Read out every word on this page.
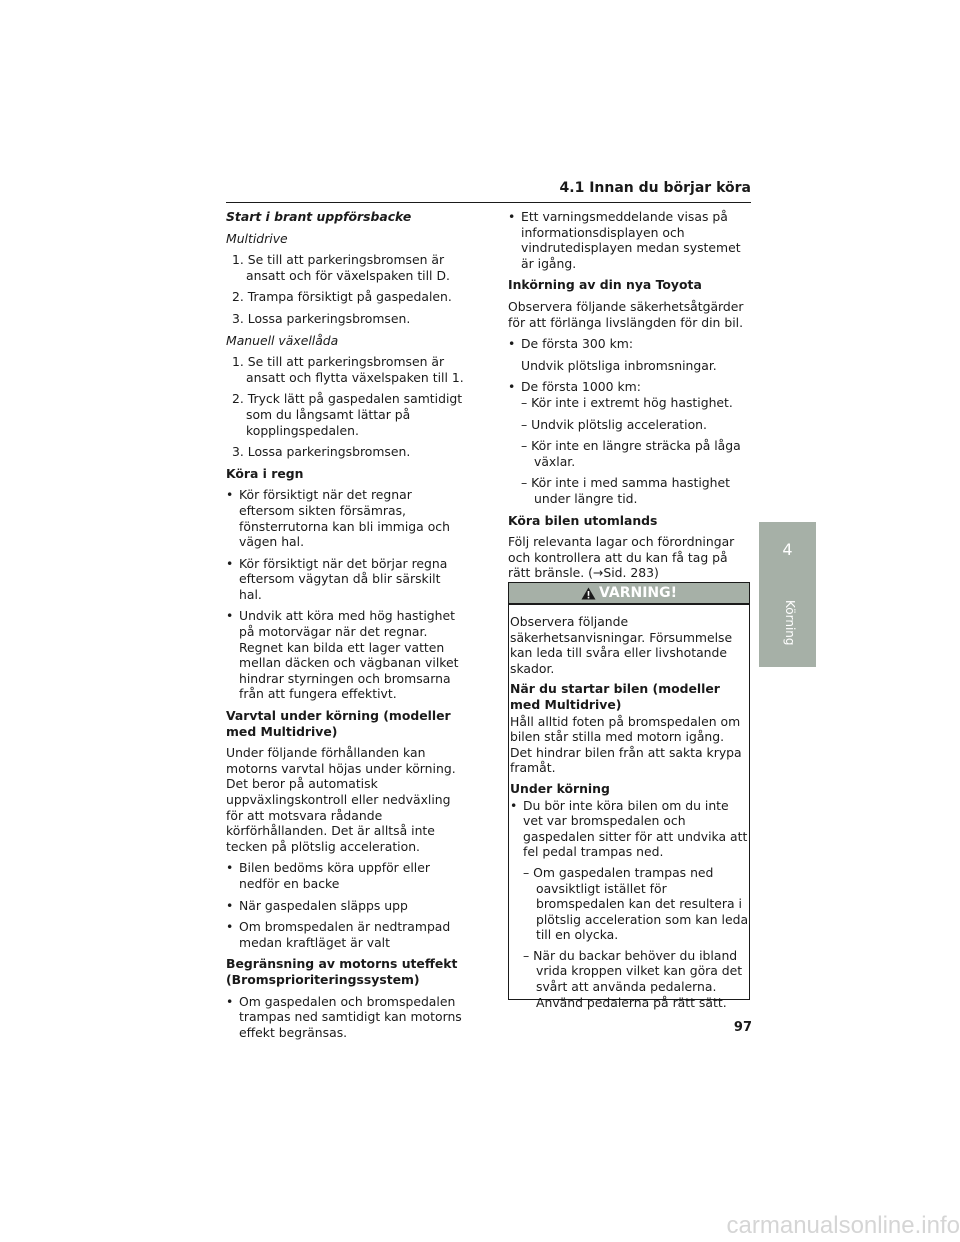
4.1 Innan du börjar köra

Start i brant uppförsbacke

Multidrive

1. Se till att parkeringsbromsen är ansatt och för växelspaken till D.

2. Trampa försiktigt på gaspedalen.

3. Lossa parkeringsbromsen.

Manuell växellåda

1. Se till att parkeringsbromsen är ansatt och flytta växelspaken till 1.

2. Tryck lätt på gaspedalen samtidigt som du långsamt lättar på kopplingspedalen.

3. Lossa parkeringsbromsen.

Köra i regn

• Kör försiktigt när det regnar eftersom sikten försämras, fönsterrutorna kan bli immiga och vägen hal.

• Kör försiktigt när det börjar regna eftersom vägytan då blir särskilt hal.

• Undvik att köra med hög hastighet på motorvägar när det regnar. Regnet kan bilda ett lager vatten mellan däcken och vägbanan vilket hindrar styrningen och bromsarna från att fungera effektivt.

Varvtal under körning (modeller med Multidrive)

Under följande förhållanden kan motorns varvtal höjas under körning. Det beror på automatisk uppväxlingskontroll eller nedväxling för att motsvara rådande körförhållanden. Det är alltså inte tecken på plötslig acceleration.

• Bilen bedöms köra uppför eller nedför en backe

• När gaspedalen släpps upp

• Om bromspedalen är nedtrampad medan kraftläget är valt

Begränsning av motorns uteffekt (Bromsprioriteringssystem)

• Om gaspedalen och bromspedalen trampas ned samtidigt kan motorns effekt begränsas.

• Ett varningsmeddelande visas på informationsdisplayen och vindrutedisplayen medan systemet är igång.

Inkörning av din nya Toyota

Observera följande säkerhetsåtgärder för att förlänga livslängden för din bil.

• De första 300 km:

Undvik plötsliga inbromsningar.

• De första 1000 km:

– Kör inte i extremt hög hastighet.

– Undvik plötslig acceleration.

– Kör inte en längre sträcka på låga växlar.

– Kör inte i med samma hastighet under längre tid.

Köra bilen utomlands

Följ relevanta lagar och förordningar och kontrollera att du kan få tag på rätt bränsle. (→Sid. 283)

VARNING!

Observera följande säkerhetsanvisningar. Försummelse kan leda till svåra eller livshotande skador.

När du startar bilen (modeller med Multidrive)

Håll alltid foten på bromspedalen om bilen står stilla med motorn igång. Det hindrar bilen från att sakta krypa framåt.

Under körning

• Du bör inte köra bilen om du inte vet var bromspedalen och gaspedalen sitter för att undvika att fel pedal trampas ned.

– Om gaspedalen trampas ned oavsiktligt istället för bromspedalen kan det resultera i plötslig acceleration som kan leda till en olycka.

– När du backar behöver du ibland vrida kroppen vilket kan göra det svårt att använda pedalerna. Använd pedalerna på rätt sätt.

4
Körning
97
carmanualsonline.info
